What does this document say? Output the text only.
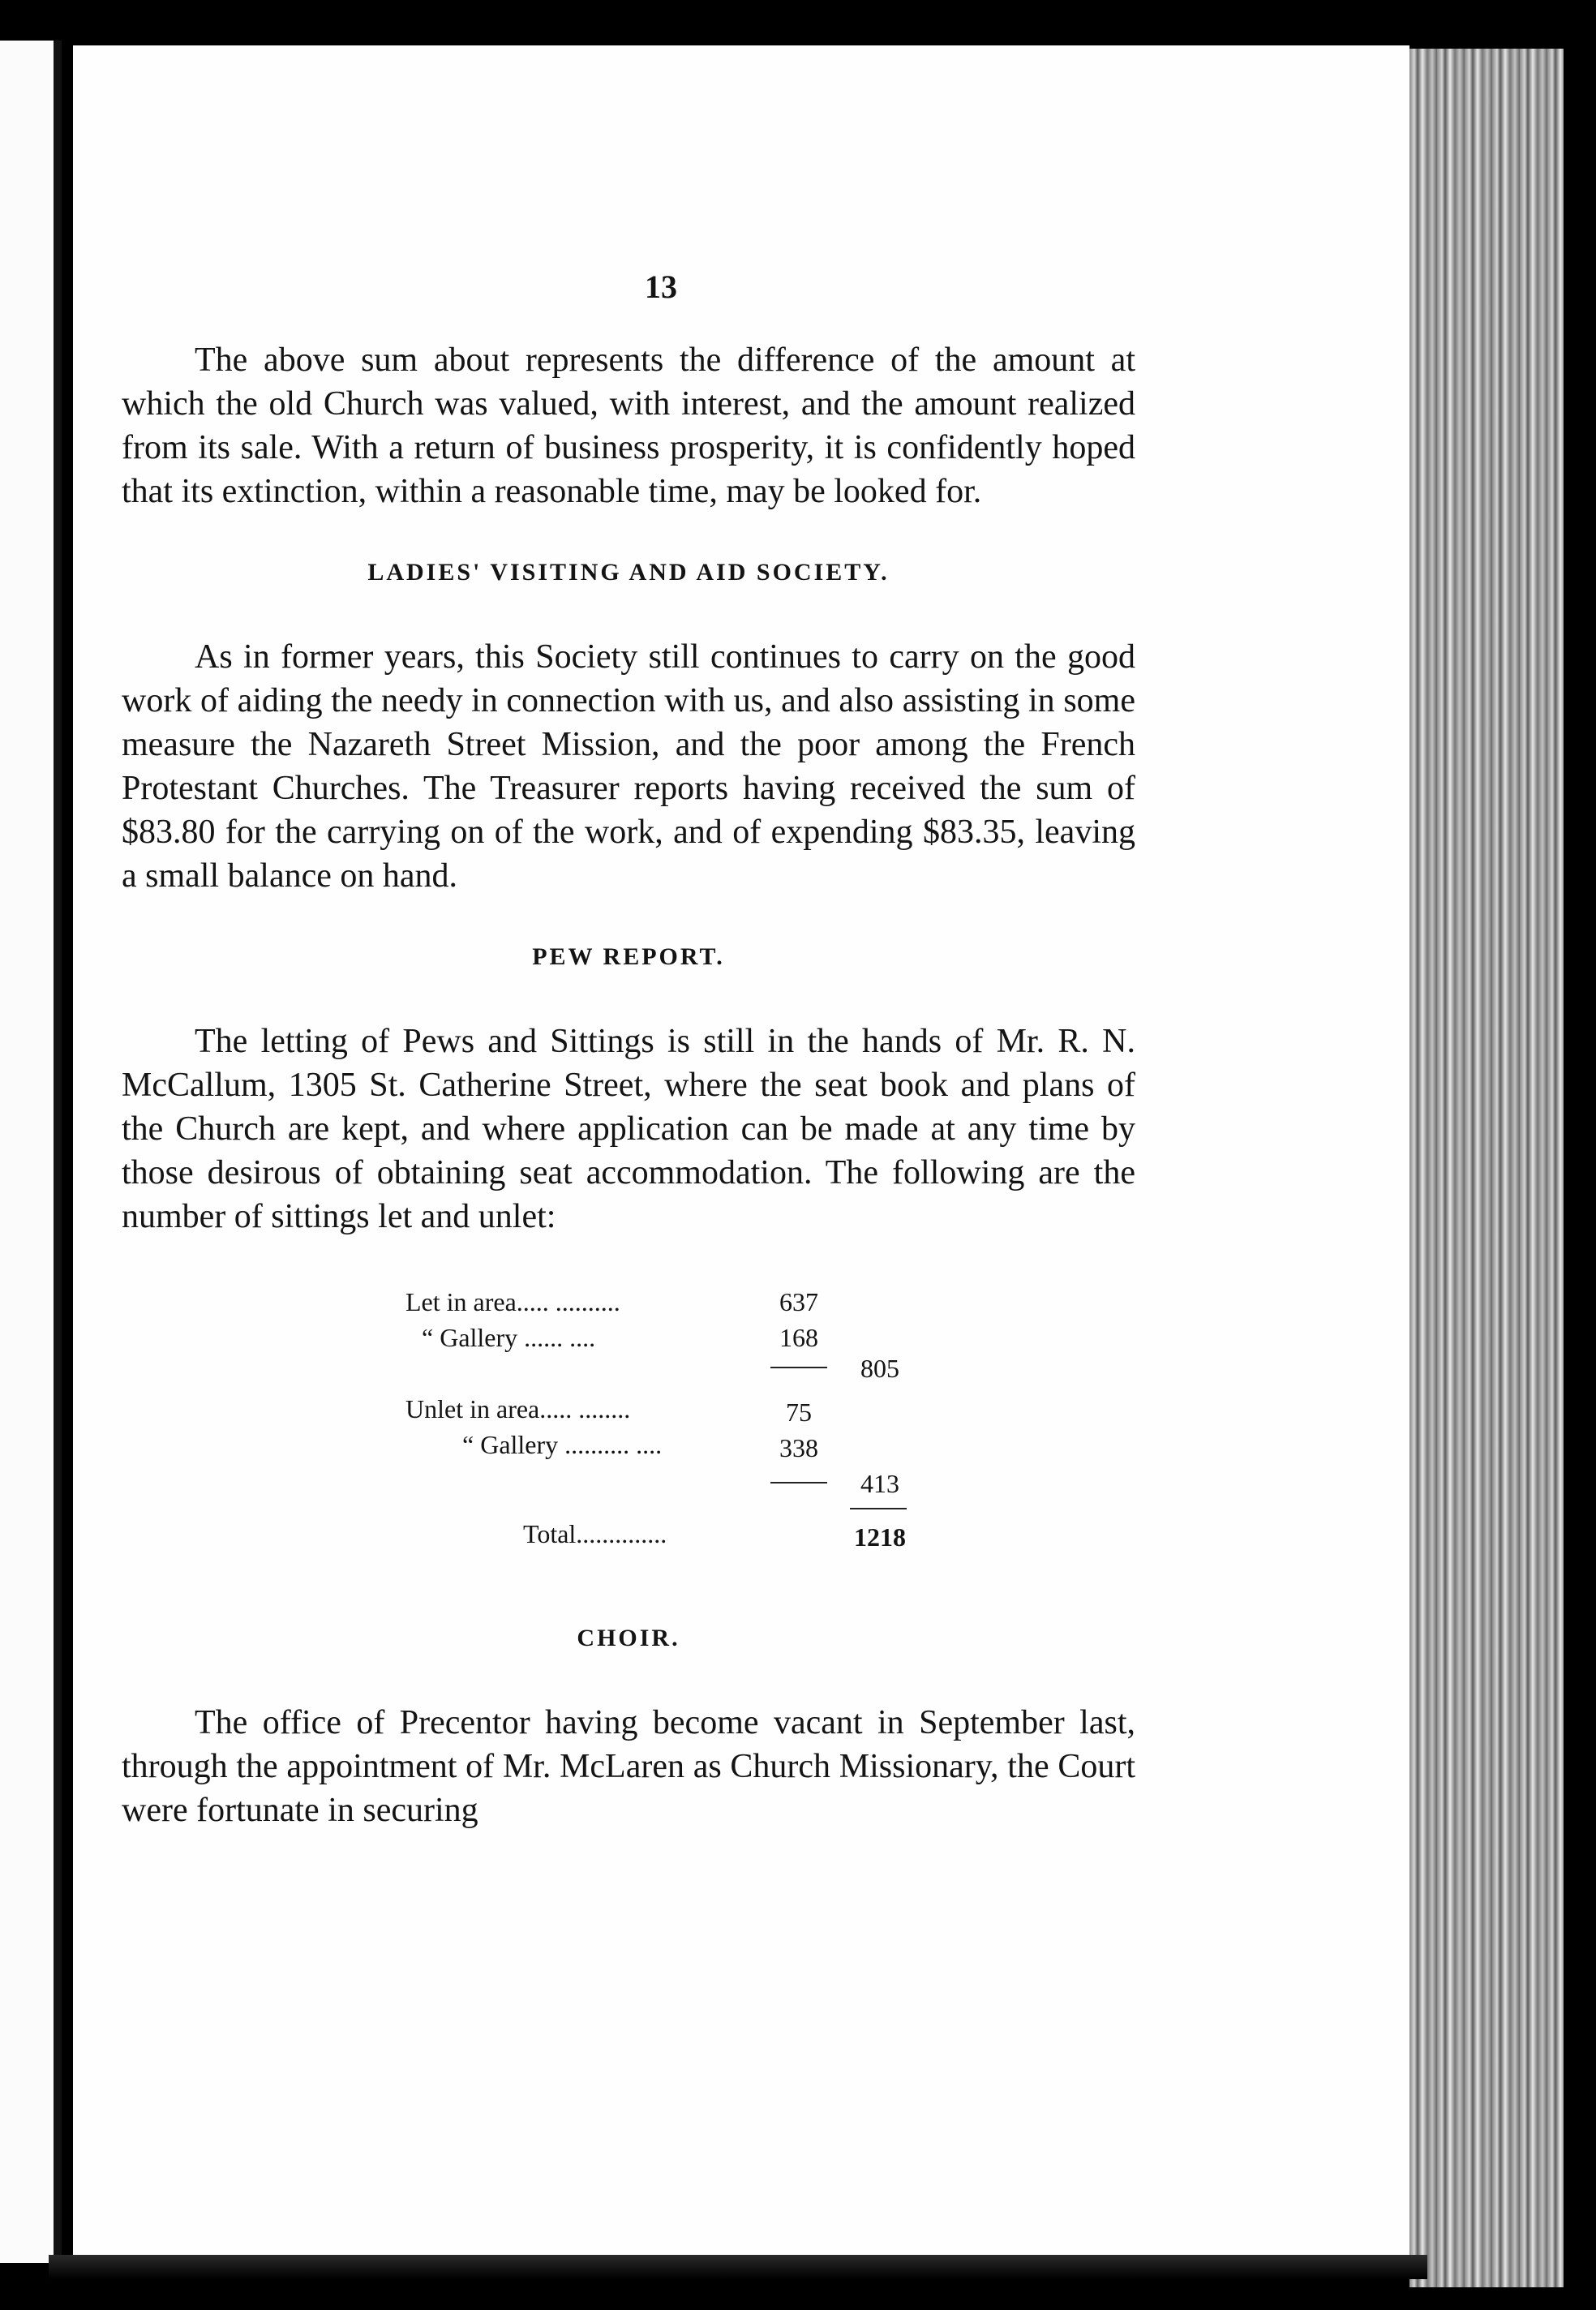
13

The above sum about represents the difference of the amount at which the old Church was valued, with interest, and the amount realized from its sale. With a return of business prosperity, it is confidently hoped that its extinction, within a reasonable time, may be looked for.

LADIES' VISITING AND AID SOCIETY.

As in former years, this Society still continues to carry on the good work of aiding the needy in connection with us, and also assisting in some measure the Nazareth Street Mission, and the poor among the French Protestant Churches. The Treasurer reports having received the sum of $83.80 for the carrying on of the work, and of expending $83.35, leaving a small balance on hand.

PEW REPORT.

The letting of Pews and Sittings is still in the hands of Mr. R. N. McCallum, 1305 St. Catherine Street, where the seat book and plans of the Church are kept, and where application can be made at any time by those desirous of obtaining seat accommodation. The following are the number of sittings let and unlet:

Let in area..... ..........	637
“ Gallery ...... ....	168
805
Unlet in area..... ........	75
“ Gallery .......... ....	338
413
Total..............	1218
CHOIR.

The office of Precentor having become vacant in September last, through the appointment of Mr. McLaren as Church Missionary, the Court were fortunate in securing
